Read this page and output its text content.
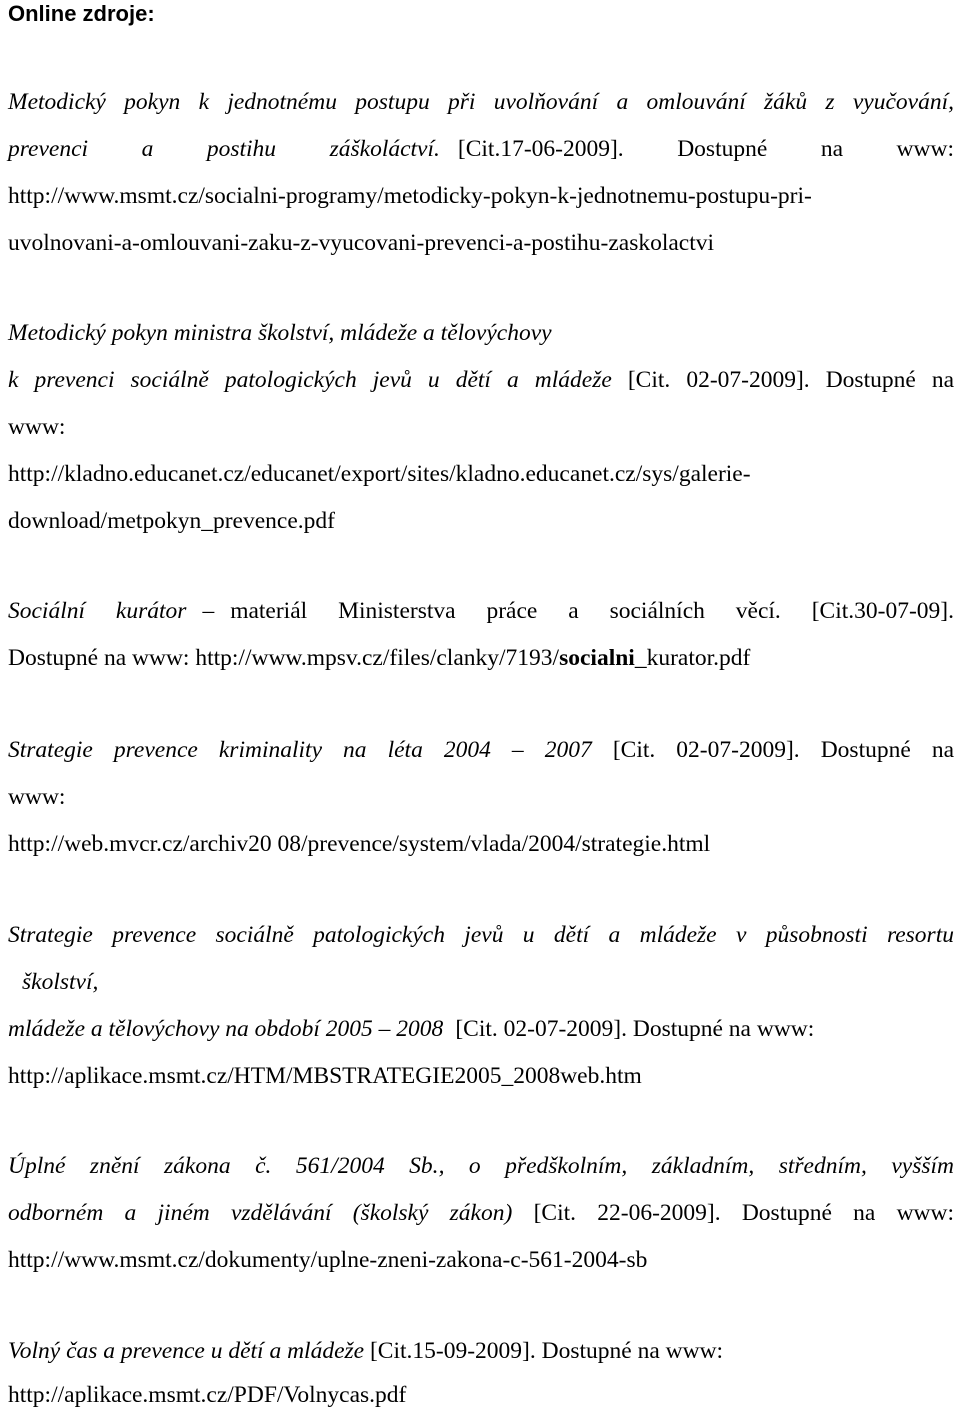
Online zdroje:
Metodický pokyn k jednotnému postupu při uvolňování a omlouvání žáků z vyučování,
prevenci a postihu záškoláctví. [Cit.17-06-2009]. Dostupné na www:
http://www.msmt.cz/socialni-programy/metodicky-pokyn-k-jednotnemu-postupu-pri-
uvolnovani-a-omlouvani-zaku-z-vyucovani-prevenci-a-postihu-zaskolactvi
Metodický pokyn ministra školství, mládeže a tělovýchovy
k prevenci sociálně patologických jevů u dětí a mládeže [Cit. 02-07-2009]. Dostupné na
www:
http://kladno.educanet.cz/educanet/export/sites/kladno.educanet.cz/sys/galerie-
download/metpokyn_prevence.pdf
Sociální kurátor – materiál Ministerstva práce a sociálních věcí. [Cit.30-07-09].
Dostupné na www: http://www.mpsv.cz/files/clanky/7193/socialni_kurator.pdf
Strategie prevence kriminality na léta 2004 – 2007 [Cit. 02-07-2009]. Dostupné na
www:
http://web.mvcr.cz/archiv20 08/prevence/system/vlada/2004/strategie.html
Strategie prevence sociálně patologických jevů u dětí a mládeže v působnosti resortu
školství,
mládeže a tělovýchovy na období 2005 – 2008 [Cit. 02-07-2009]. Dostupné na www:
http://aplikace.msmt.cz/HTM/MBSTRATEGIE2005_2008web.htm
Úplné znění zákona č. 561/2004 Sb., o předškolním, základním, středním, vyšším
odborném a jiném vzdělávání (školský zákon) [Cit. 22-06-2009]. Dostupné na www:
http://www.msmt.cz/dokumenty/uplne-zneni-zakona-c-561-2004-sb
Volný čas a prevence u dětí a mládeže [Cit.15-09-2009]. Dostupné na www:
http://aplikace.msmt.cz/PDF/Volnycas.pdf
